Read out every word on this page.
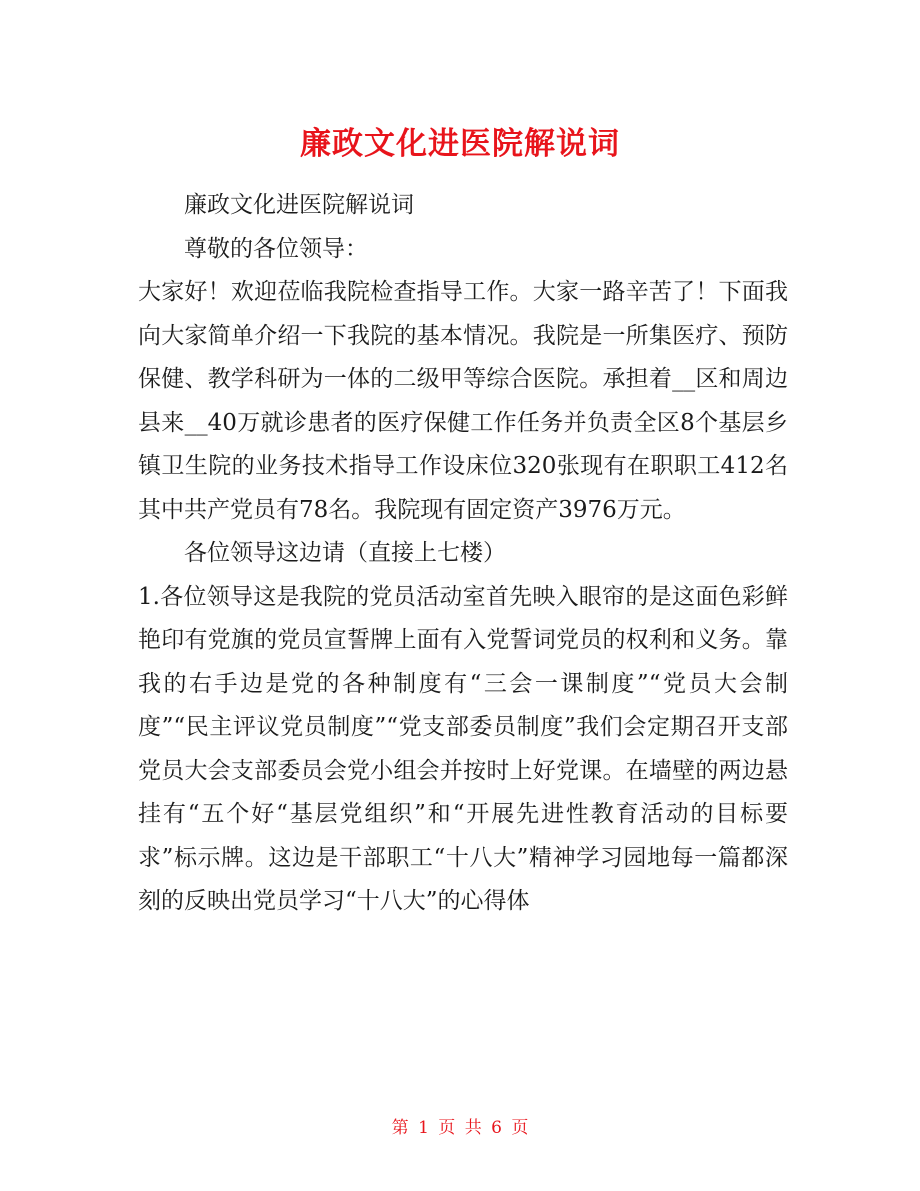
廉政文化进医院解说词

廉政文化进医院解说词

尊敬的各位领导：

大家好！欢迎莅临我院检查指导工作。大家一路辛苦了！下面我向大家简单介绍一下我院的基本情况。我院是一所集医疗、预防保健、教学科研为一体的二级甲等综合医院。承担着__区和周边县来__40万就诊患者的医疗保健工作任务并负责全区8个基层乡镇卫生院的业务技术指导工作设床位320张现有在职职工412名其中共产党员有78名。我院现有固定资产3976万元。

各位领导这边请（直接上七楼）

1.各位领导这是我院的党员活动室首先映入眼帘的是这面色彩鲜艳印有党旗的党员宣誓牌上面有入党誓词党员的权利和义务。靠我的右手边是党的各种制度有“三会一课制度”“党员大会制度”“民主评议党员制度”“党支部委员制度”我们会定期召开支部党员大会支部委员会党小组会并按时上好党课。在墙壁的两边悬挂有“五个好“基层党组织”和“开展先进性教育活动的目标要求”标示牌。这边是干部职工“十八大”精神学习园地每一篇都深刻的反映出党员学习“十八大”的心得体

第 1 页 共 6 页
